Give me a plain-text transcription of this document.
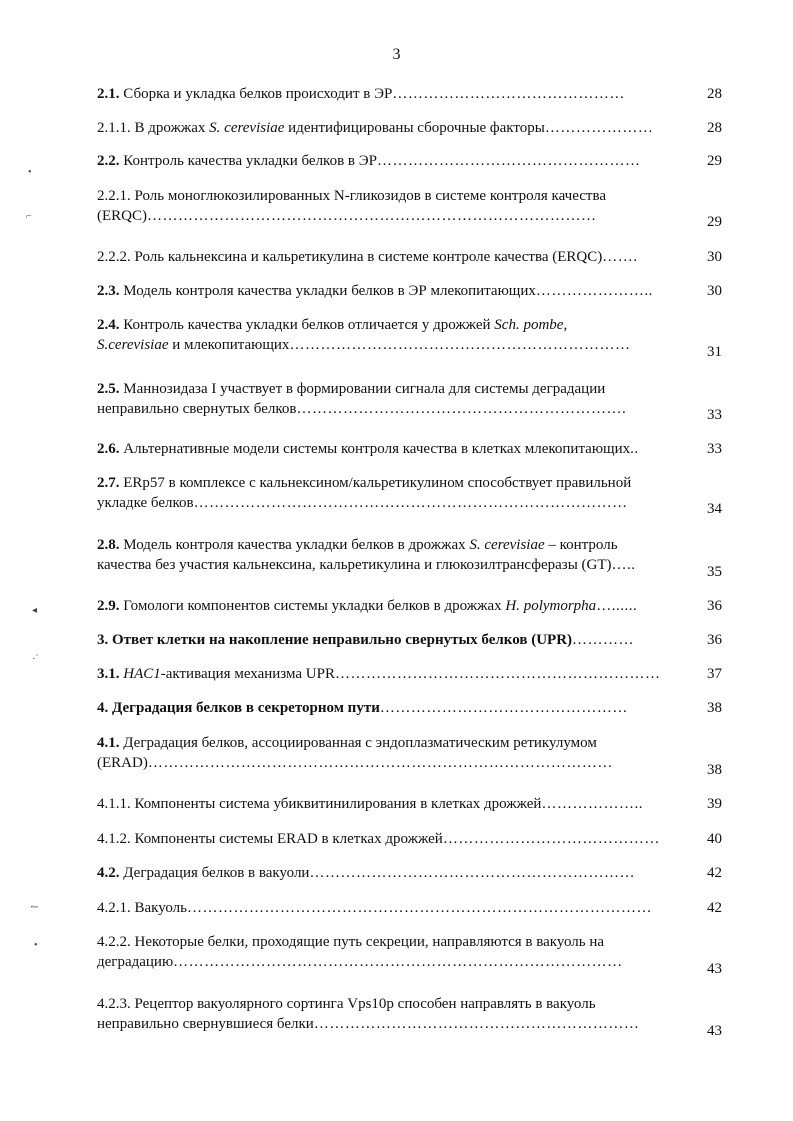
3
2.1. Сборка и укладка белков происходит в ЭР………………………………………	28
2.1.1. В дрожжах S. cerevisiae идентифицированы сборочные факторы…………………	28
2.2. Контроль качества укладки белков в ЭР……………………………………………	29
2.2.1. Роль моноглюкозилированных N-гликозидов в системе контроля качества
(ERQC)……………………………………………………………………………	29
2.2.2. Роль кальнексина и кальретикулина в системе контроле качества (ERQC)…….	30
2.3. Модель контроля качества укладки белков в ЭР млекопитающих…………………..	30
2.4. Контроль качества укладки белков отличается у дрожжей Sch. pombe,
S.cerevisiae и млекопитающих…………………………………………………………	31
2.5. Маннозидаза I участвует в формировании сигнала для системы деградации
неправильно свернутых белков……………………………………………………….	33
2.6. Альтернативные модели системы контроля качества в клетках млекопитающих..	33
2.7. ERp57 в комплексе с кальнексином/кальретикулином способствует правильной
укладке белков…………………………………………………………………………	34
2.8. Модель контроля качества укладки белков в дрожжах S. cerevisiae – контроль
качества без участия кальнексина, кальретикулина и глюкозилтрансферазы (GT)…..	35
2.9. Гомологи компонентов системы укладки белков в дрожжах H. polymorpha…......	36
3. Ответ клетки на накопление неправильно свернутых белков (UPR)…………	36
3.1. HAC1-активация механизма UPR………………………………………………………	37
4. Деградация белков в секреторном пути…………………………………………	38
4.1. Деградация белков, ассоциированная с эндоплазматическим ретикулумом
(ERAD)………………………………………………………………………………	38
4.1.1. Компоненты система убиквитинилирования в клетках дрожжей………………..	39
4.1.2. Компоненты системы ERAD в клетках дрожжей……………………………………	40
4.2. Деградация белков в вакуоли………………………………………………………	42
4.2.1. Вакуоль………………………………………………………………………………	42
4.2.2. Некоторые белки, проходящие путь секреции, направляются в вакуоль на
деградацию……………………………………………………………………………	43
4.2.3. Рецептор вакуолярного сортинга Vps10p способен направлять в вакуоль
неправильно свернувшиеся белки………………………………………………………	43
•
⌐
◂
·´
↼
•
